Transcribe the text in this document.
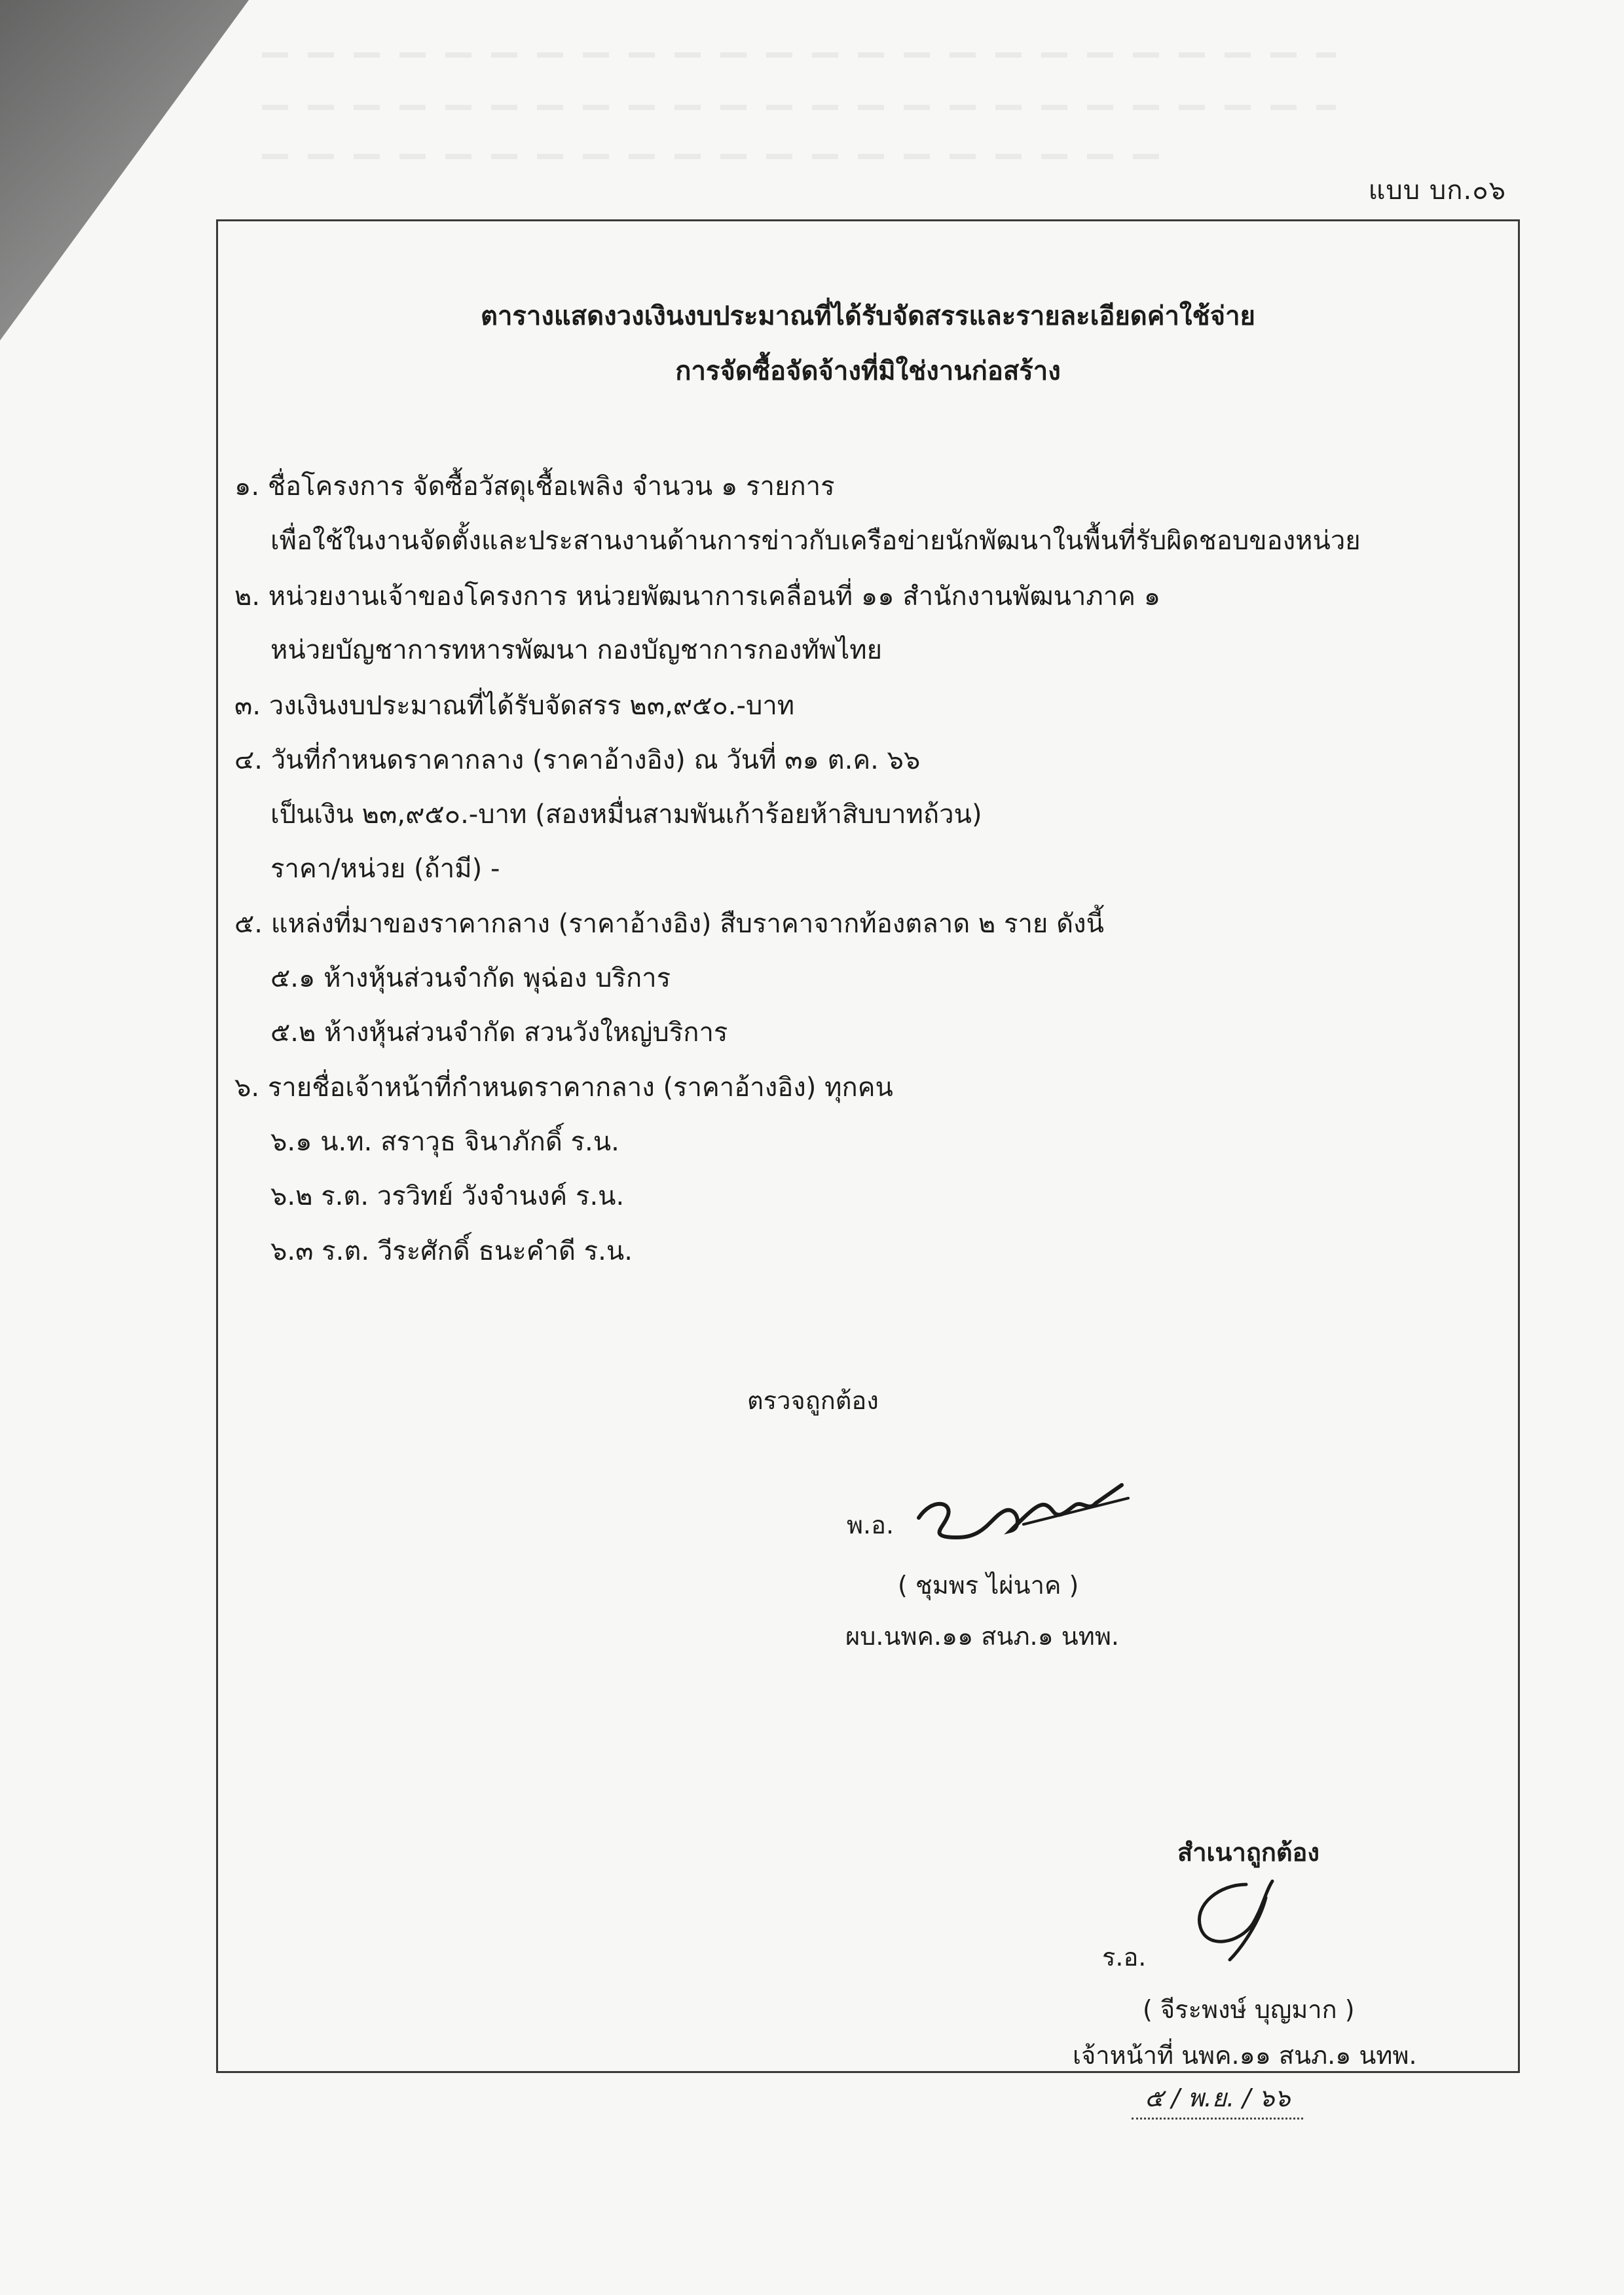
แบบ บก.๐๖
ตารางแสดงวงเงินงบประมาณที่ได้รับจัดสรรและรายละเอียดค่าใช้จ่าย
การจัดซื้อจัดจ้างที่มิใช่งานก่อสร้าง
๑. ชื่อโครงการ จัดซื้อวัสดุเชื้อเพลิง จำนวน ๑ รายการ
เพื่อใช้ในงานจัดตั้งและประสานงานด้านการข่าวกับเครือข่ายนักพัฒนาในพื้นที่รับผิดชอบของหน่วย
๒. หน่วยงานเจ้าของโครงการ หน่วยพัฒนาการเคลื่อนที่ ๑๑ สำนักงานพัฒนาภาค ๑
หน่วยบัญชาการทหารพัฒนา กองบัญชาการกองทัพไทย
๓. วงเงินงบประมาณที่ได้รับจัดสรร ๒๓,๙๕๐.-บาท
๔. วันที่กำหนดราคากลาง (ราคาอ้างอิง) ณ วันที่ ๓๑ ต.ค. ๖๖
เป็นเงิน ๒๓,๙๕๐.-บาท (สองหมื่นสามพันเก้าร้อยห้าสิบบาทถ้วน)
ราคา/หน่วย (ถ้ามี) -
๕. แหล่งที่มาของราคากลาง (ราคาอ้างอิง) สืบราคาจากท้องตลาด ๒ ราย ดังนี้
๕.๑ ห้างหุ้นส่วนจำกัด พุฉ่อง บริการ
๕.๒ ห้างหุ้นส่วนจำกัด สวนวังใหญ่บริการ
๖. รายชื่อเจ้าหน้าที่กำหนดราคากลาง (ราคาอ้างอิง) ทุกคน
๖.๑ น.ท. สราวุธ จินาภักดิ์ ร.น.
๖.๒ ร.ต. วรวิทย์ วังจำนงค์ ร.น.
๖.๓ ร.ต. วีระศักดิ์ ธนะคำดี ร.น.
ตรวจถูกต้อง
พ.อ.
( ชุมพร ไผ่นาค )
ผบ.นพค.๑๑ สนภ.๑ นทพ.
สำเนาถูกต้อง
ร.อ.
( จีระพงษ์ บุญมาก )
เจ้าหน้าที่ นพค.๑๑ สนภ.๑ นทพ.
๕ / พ.ย. / ๖๖
